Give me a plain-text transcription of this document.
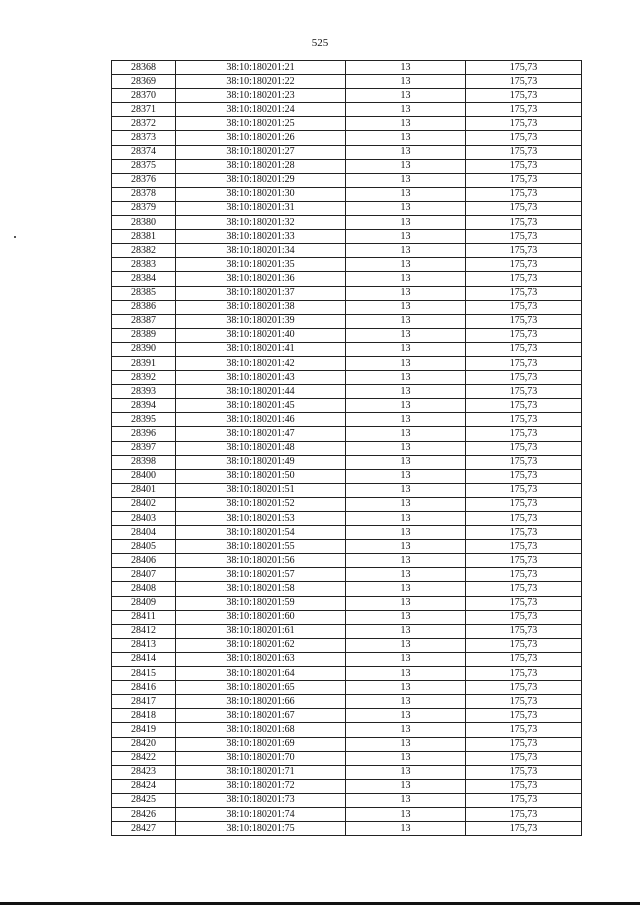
525
28368	38:10:180201:21	13	175,73
28369	38:10:180201:22	13	175,73
28370	38:10:180201:23	13	175,73
28371	38:10:180201:24	13	175,73
28372	38:10:180201:25	13	175,73
28373	38:10:180201:26	13	175,73
28374	38:10:180201:27	13	175,73
28375	38:10:180201:28	13	175,73
28376	38:10:180201:29	13	175,73
28378	38:10:180201:30	13	175,73
28379	38:10:180201:31	13	175,73
28380	38:10:180201:32	13	175,73
28381	38:10:180201:33	13	175,73
28382	38:10:180201:34	13	175,73
28383	38:10:180201:35	13	175,73
28384	38:10:180201:36	13	175,73
28385	38:10:180201:37	13	175,73
28386	38:10:180201:38	13	175,73
28387	38:10:180201:39	13	175,73
28389	38:10:180201:40	13	175,73
28390	38:10:180201:41	13	175,73
28391	38:10:180201:42	13	175,73
28392	38:10:180201:43	13	175,73
28393	38:10:180201:44	13	175,73
28394	38:10:180201:45	13	175,73
28395	38:10:180201:46	13	175,73
28396	38:10:180201:47	13	175,73
28397	38:10:180201:48	13	175,73
28398	38:10:180201:49	13	175,73
28400	38:10:180201:50	13	175,73
28401	38:10:180201:51	13	175,73
28402	38:10:180201:52	13	175,73
28403	38:10:180201:53	13	175,73
28404	38:10:180201:54	13	175,73
28405	38:10:180201:55	13	175,73
28406	38:10:180201:56	13	175,73
28407	38:10:180201:57	13	175,73
28408	38:10:180201:58	13	175,73
28409	38:10:180201:59	13	175,73
28411	38:10:180201:60	13	175,73
28412	38:10:180201:61	13	175,73
28413	38:10:180201:62	13	175,73
28414	38:10:180201:63	13	175,73
28415	38:10:180201:64	13	175,73
28416	38:10:180201:65	13	175,73
28417	38:10:180201:66	13	175,73
28418	38:10:180201:67	13	175,73
28419	38:10:180201:68	13	175,73
28420	38:10:180201:69	13	175,73
28422	38:10:180201:70	13	175,73
28423	38:10:180201:71	13	175,73
28424	38:10:180201:72	13	175,73
28425	38:10:180201:73	13	175,73
28426	38:10:180201:74	13	175,73
28427	38:10:180201:75	13	175,73
